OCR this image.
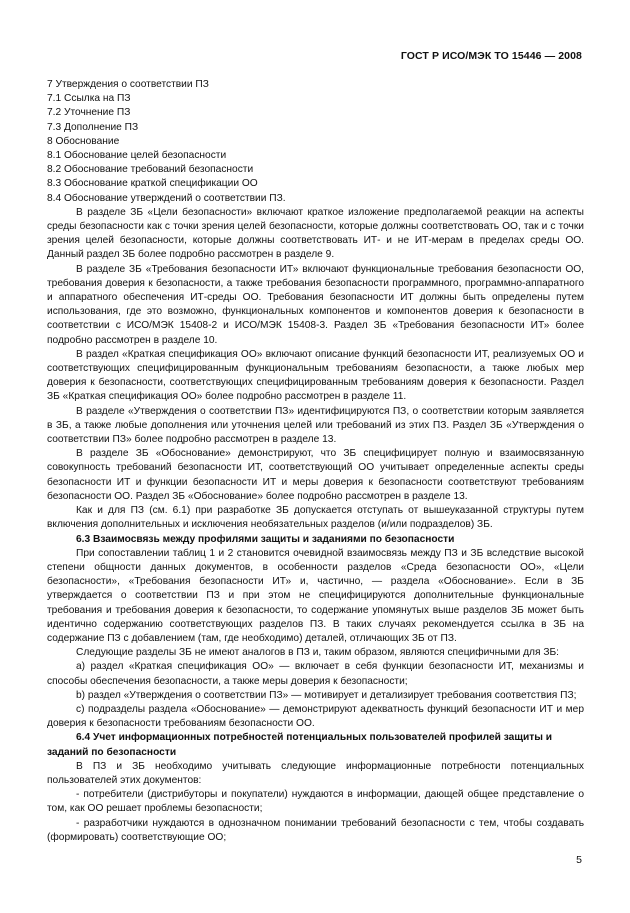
ГОСТ Р ИСО/МЭК ТО 15446 — 2008

7 Утверждения о соответствии ПЗ

7.1 Ссылка на ПЗ

7.2 Уточнение ПЗ

7.3 Дополнение ПЗ

8 Обоснование

8.1 Обоснование целей безопасности

8.2 Обоснование требований безопасности

8.3 Обоснование краткой спецификации ОО

8.4 Обоснование утверждений о соответствии ПЗ.

В разделе ЗБ «Цели безопасности» включают краткое изложение предполагаемой реакции на аспекты среды безопасности как с точки зрения целей безопасности, которые должны соответствовать ОО, так и с точки зрения целей безопасности, которые должны соответствовать ИТ- и не ИТ-мерам в пределах среды ОО. Данный раздел ЗБ более подробно рассмотрен в разделе 9.

В разделе ЗБ «Требования безопасности ИТ» включают функциональные требования безопасности ОО, требования доверия к безопасности, а также требования безопасности программного, программно-аппаратного и аппаратного обеспечения ИТ-среды ОО. Требования безопасности ИТ должны быть определены путем использования, где это возможно, функциональных компонентов и компонентов доверия к безопасности в соответствии с ИСО/МЭК 15408-2 и ИСО/МЭК 15408-3. Раздел ЗБ «Требования безопасности ИТ» более подробно рассмотрен в разделе 10.

В раздел «Краткая спецификация ОО» включают описание функций безопасности ИТ, реализуемых ОО и соответствующих специфицированным функциональным требованиям безопасности, а также любых мер доверия к безопасности, соответствующих специфицированным требованиям доверия к безопасности. Раздел ЗБ «Краткая спецификация ОО» более подробно рассмотрен в разделе 11.

В разделе «Утверждения о соответствии ПЗ» идентифицируются ПЗ, о соответствии которым заявляется в ЗБ, а также любые дополнения или уточнения целей или требований из этих ПЗ. Раздел ЗБ «Утверждения о соответствии ПЗ» более подробно рассмотрен в разделе 13.

В разделе ЗБ «Обоснование» демонстрируют, что ЗБ специфицирует полную и взаимосвязанную совокупность требований безопасности ИТ, соответствующий ОО учитывает определенные аспекты среды безопасности ИТ и функции безопасности ИТ и меры доверия к безопасности соответствуют требованиям безопасности ОО. Раздел ЗБ «Обоснование» более подробно рассмотрен в разделе 13.

Как и для ПЗ (см. 6.1) при разработке ЗБ допускается отступать от вышеуказанной структуры путем включения дополнительных и исключения необязательных разделов (и/или подразделов) ЗБ.

6.3 Взаимосвязь между профилями защиты и заданиями по безопасности

При сопоставлении таблиц 1 и 2 становится очевидной взаимосвязь между ПЗ и ЗБ вследствие высокой степени общности данных документов, в особенности разделов «Среда безопасности ОО», «Цели безопасности», «Требования безопасности ИТ» и, частично, — раздела «Обоснование». Если в ЗБ утверждается о соответствии ПЗ и при этом не специфицируются дополнительные функциональные требования и требования доверия к безопасности, то содержание упомянутых выше разделов ЗБ может быть идентично содержанию соответствующих разделов ПЗ. В таких случаях рекомендуется ссылка в ЗБ на содержание ПЗ с добавлением (там, где необходимо) деталей, отличающих ЗБ от ПЗ.

Следующие разделы ЗБ не имеют аналогов в ПЗ и, таким образом, являются специфичными для ЗБ:

a) раздел «Краткая спецификация ОО» — включает в себя функции безопасности ИТ, механизмы и способы обеспечения безопасности, а также меры доверия к безопасности;

b) раздел «Утверждения о соответствии ПЗ» — мотивирует и детализирует требования соответствия ПЗ;

c) подразделы раздела «Обоснование» — демонстрируют адекватность функций безопасности ИТ и мер доверия к безопасности требованиям безопасности ОО.

6.4 Учет информационных потребностей потенциальных пользователей профилей защиты и заданий по безопасности

В ПЗ и ЗБ необходимо учитывать следующие информационные потребности потенциальных пользователей этих документов:

- потребители (дистрибуторы и покупатели) нуждаются в информации, дающей общее представление о том, как ОО решает проблемы безопасности;

- разработчики нуждаются в однозначном понимании требований безопасности с тем, чтобы создавать (формировать) соответствующие ОО;

5
